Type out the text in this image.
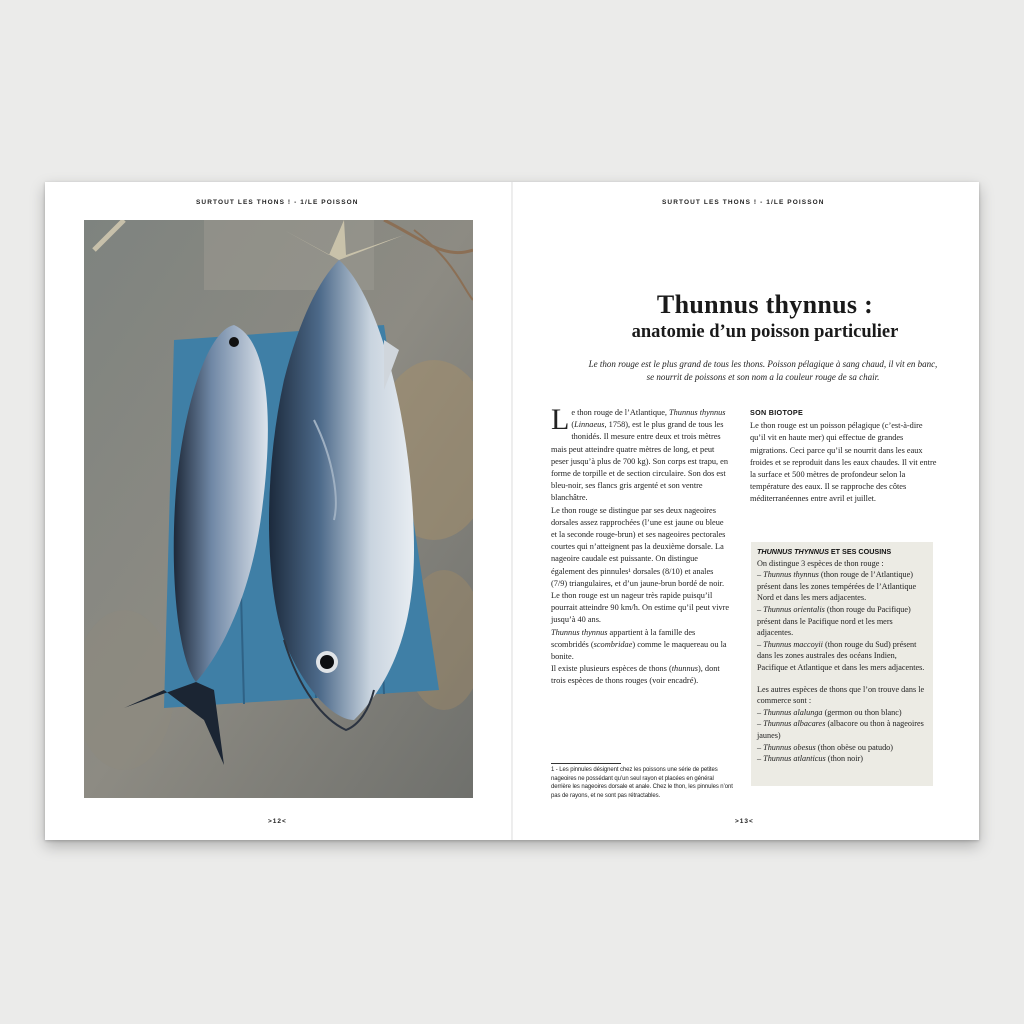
SURTOUT LES THONS ! - 1/LE POISSON
>12<
SURTOUT LES THONS ! - 1/LE POISSON
Thunnus thynnus :
anatomie d’un poisson particulier
Le thon rouge est le plus grand de tous les thons. Poisson pélagique à sang chaud, il vit en banc,
se nourrit de poissons et son nom a la couleur rouge de sa chair.

Le thon rouge de l’Atlantique, Thunnus thynnus (Linnaeus, 1758), est le plus grand de tous les thonidés. Il mesure entre deux et trois mètres mais peut atteindre quatre mètres de long, et peut peser jusqu’à plus de 700 kg). Son corps est trapu, en forme de torpille et de section circulaire. Son dos est bleu-noir, ses flancs gris argenté et son ventre blanchâtre.

Le thon rouge se distingue par ses deux nageoires dorsales assez rapprochées (l’une est jaune ou bleue et la seconde rouge-brun) et ses nageoires pectorales courtes qui n’atteignent pas la deuxième dorsale. La nageoire caudale est puissante. On distingue également des pinnules¹ dorsales (8/10) et anales (7/9) triangulaires, et d’un jaune-brun bordé de noir.

Le thon rouge est un nageur très rapide puisqu’il pourrait atteindre 90 km/h. On estime qu’il peut vivre jusqu’à 40 ans.

Thunnus thynnus appartient à la famille des scombridés (scombridae) comme le maquereau ou la bonite.

Il existe plusieurs espèces de thons (thunnus), dont trois espèces de thons rouges (voir encadré).

SON BIOTOPE

Le thon rouge est un poisson pélagique (c’est-à-dire qu’il vit en haute mer) qui effectue de grandes migrations. Ceci parce qu’il se nourrit dans les eaux froides et se reproduit dans les eaux chaudes. Il vit entre la surface et 500 mètres de profondeur selon la température des eaux. Il se rapproche des côtes méditerranéennes entre avril et juillet.

THUNNUS THYNNUS ET SES COUSINS

On distingue 3 espèces de thon rouge :

– Thunnus thynnus (thon rouge de l’Atlantique) présent dans les zones tempérées de l’Atlantique Nord et dans les mers adjacentes.

– Thunnus orientalis (thon rouge du Pacifique) présent dans le Pacifique nord et les mers adjacentes.

– Thunnus maccoyii (thon rouge du Sud) présent dans les zones australes des océans Indien, Pacifique et Atlantique et dans les mers adjacentes.

Les autres espèces de thons que l’on trouve dans le commerce sont :

– Thunnus alalunga (germon ou thon blanc)

– Thunnus albacares (albacore ou thon à nageoires jaunes)

– Thunnus obesus (thon obèse ou patudo)

– Thunnus atlanticus (thon noir)

1 - Les pinnules désignent chez les poissons une série de petites nageoires ne possédant qu’un seul rayon et placées en général derrière les nageoires dorsale et anale. Chez le thon, les pinnules n’ont pas de rayons, et ne sont pas rétractables.
>13<
